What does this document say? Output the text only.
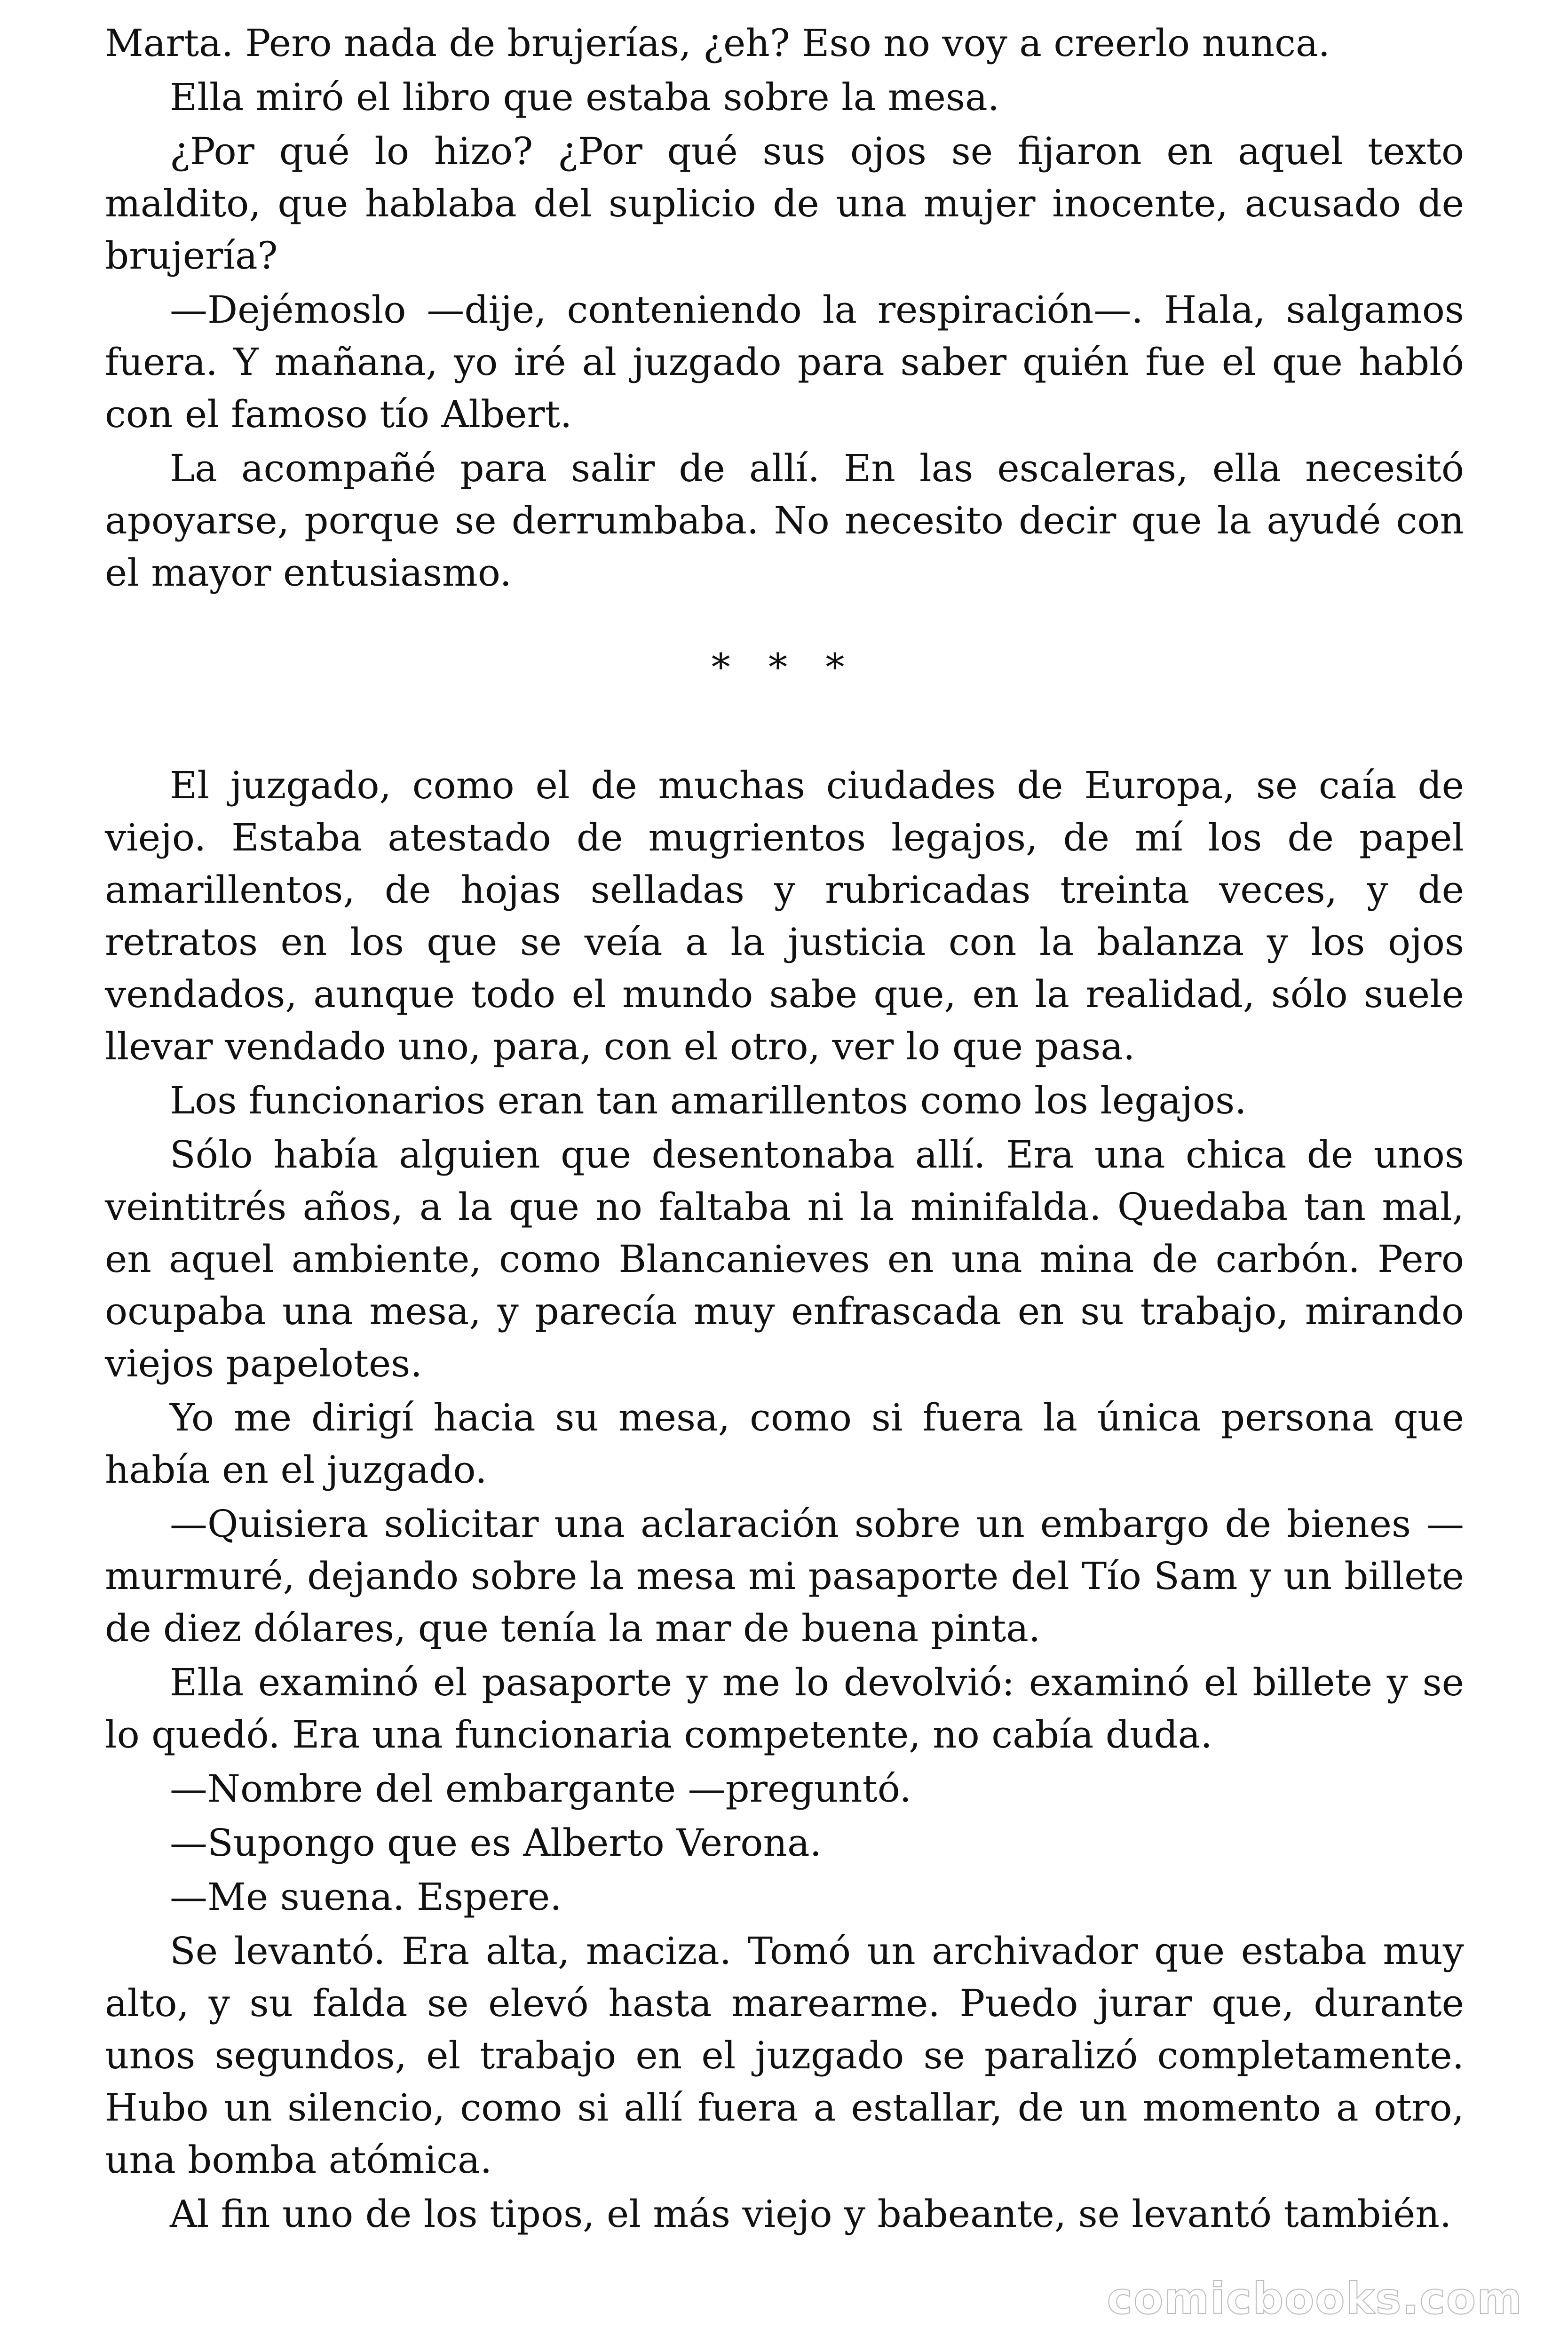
Marta. Pero nada de brujerías, ¿eh? Eso no voy a creerlo nunca.

Ella miró el libro que estaba sobre la mesa.

¿Por qué lo hizo? ¿Por qué sus ojos se fijaron en aquel texto maldito, que hablaba del suplicio de una mujer inocente, acusado de brujería?

—Dejémoslo —dije, conteniendo la respiración—. Hala, salgamos fuera. Y mañana, yo iré al juzgado para saber quién fue el que habló con el famoso tío Albert.

La acompañé para salir de allí. En las escaleras, ella necesitó apoyarse, porque se derrumbaba. No necesito decir que la ayudé con el mayor entusiasmo.

* * *

El juzgado, como el de muchas ciudades de Europa, se caía de viejo. Estaba atestado de mugrientos legajos, de mí los de papel amarillentos, de hojas selladas y rubricadas treinta veces, y de retratos en los que se veía a la justicia con la balanza y los ojos vendados, aunque todo el mundo sabe que, en la realidad, sólo suele llevar vendado uno, para, con el otro, ver lo que pasa.

Los funcionarios eran tan amarillentos como los legajos.

Sólo había alguien que desentonaba allí. Era una chica de unos veintitrés años, a la que no faltaba ni la minifalda. Quedaba tan mal, en aquel ambiente, como Blancanieves en una mina de carbón. Pero ocupaba una mesa, y parecía muy enfrascada en su trabajo, mirando viejos papelotes.

Yo me dirigí hacia su mesa, como si fuera la única persona que había en el juzgado.

—Quisiera solicitar una aclaración sobre un embargo de bienes —murmuré, dejando sobre la mesa mi pasaporte del Tío Sam y un billete de diez dólares, que tenía la mar de buena pinta.

Ella examinó el pasaporte y me lo devolvió: examinó el billete y se lo quedó. Era una funcionaria competente, no cabía duda.

—Nombre del embargante —preguntó.

—Supongo que es Alberto Verona.

—Me suena. Espere.

Se levantó. Era alta, maciza. Tomó un archivador que estaba muy alto, y su falda se elevó hasta marearme. Puedo jurar que, durante unos segundos, el trabajo en el juzgado se paralizó completamente. Hubo un silencio, como si allí fuera a estallar, de un momento a otro, una bomba atómica.

Al fin uno de los tipos, el más viejo y babeante, se levantó también.

comicbooks.com
